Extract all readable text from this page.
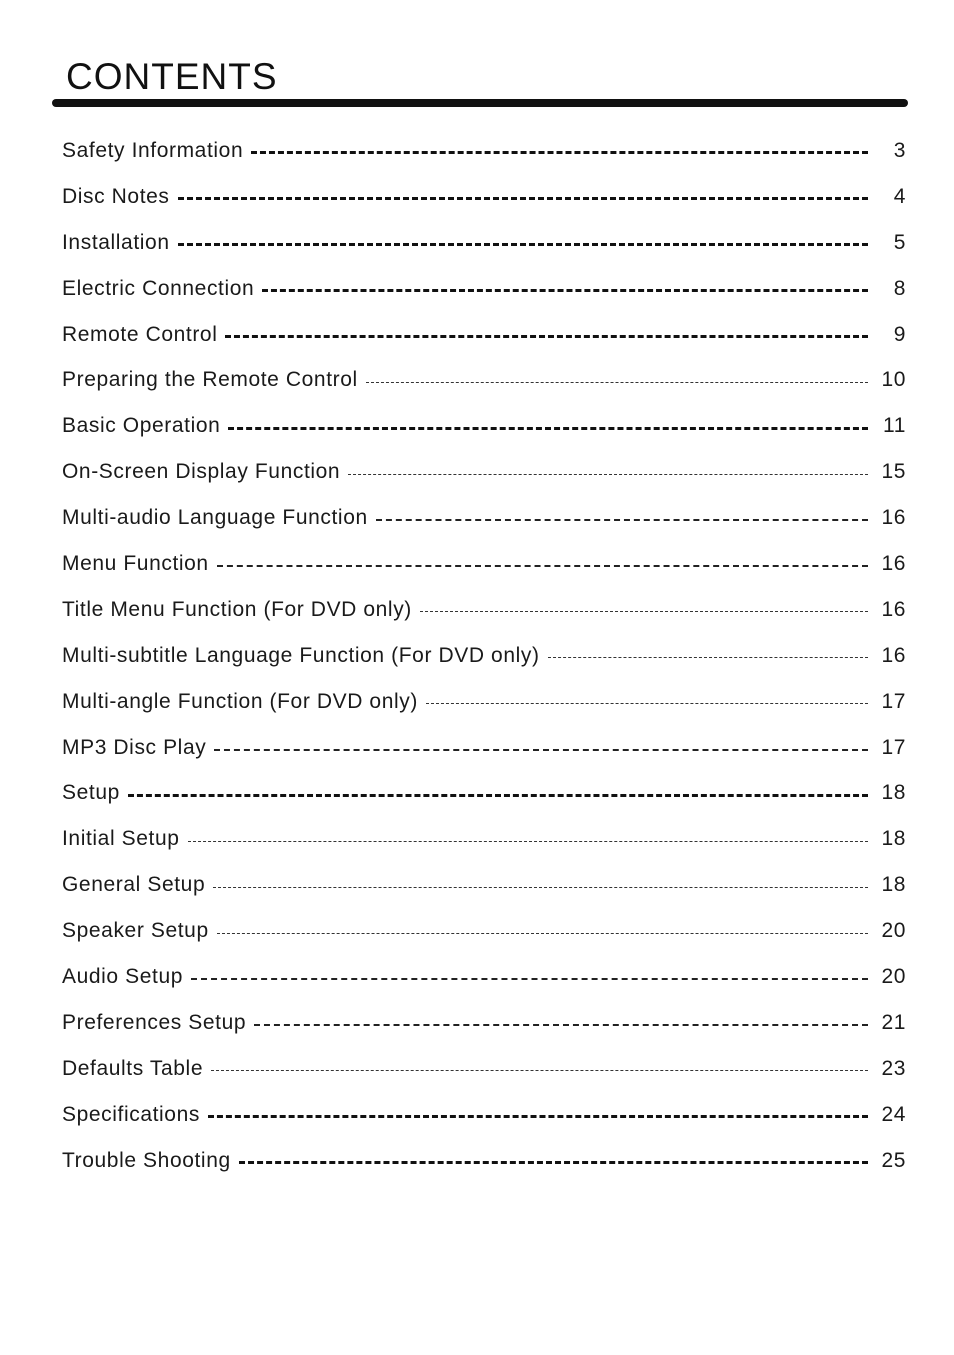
CONTENTS
Safety Information	3
Disc Notes	4
Installation	5
Electric Connection	8
Remote Control	9
Preparing the Remote Control	10
Basic Operation	11
On-Screen Display Function	15
Multi-audio Language Function	16
Menu Function	16
Title Menu Function (For DVD only)	16
Multi-subtitle Language Function (For DVD only)	16
Multi-angle Function (For DVD only)	17
MP3 Disc Play	17
Setup	18
Initial Setup	18
General Setup	18
Speaker Setup	20
Audio Setup	20
Preferences Setup	21
Defaults Table	23
Specifications	24
Trouble Shooting	25
